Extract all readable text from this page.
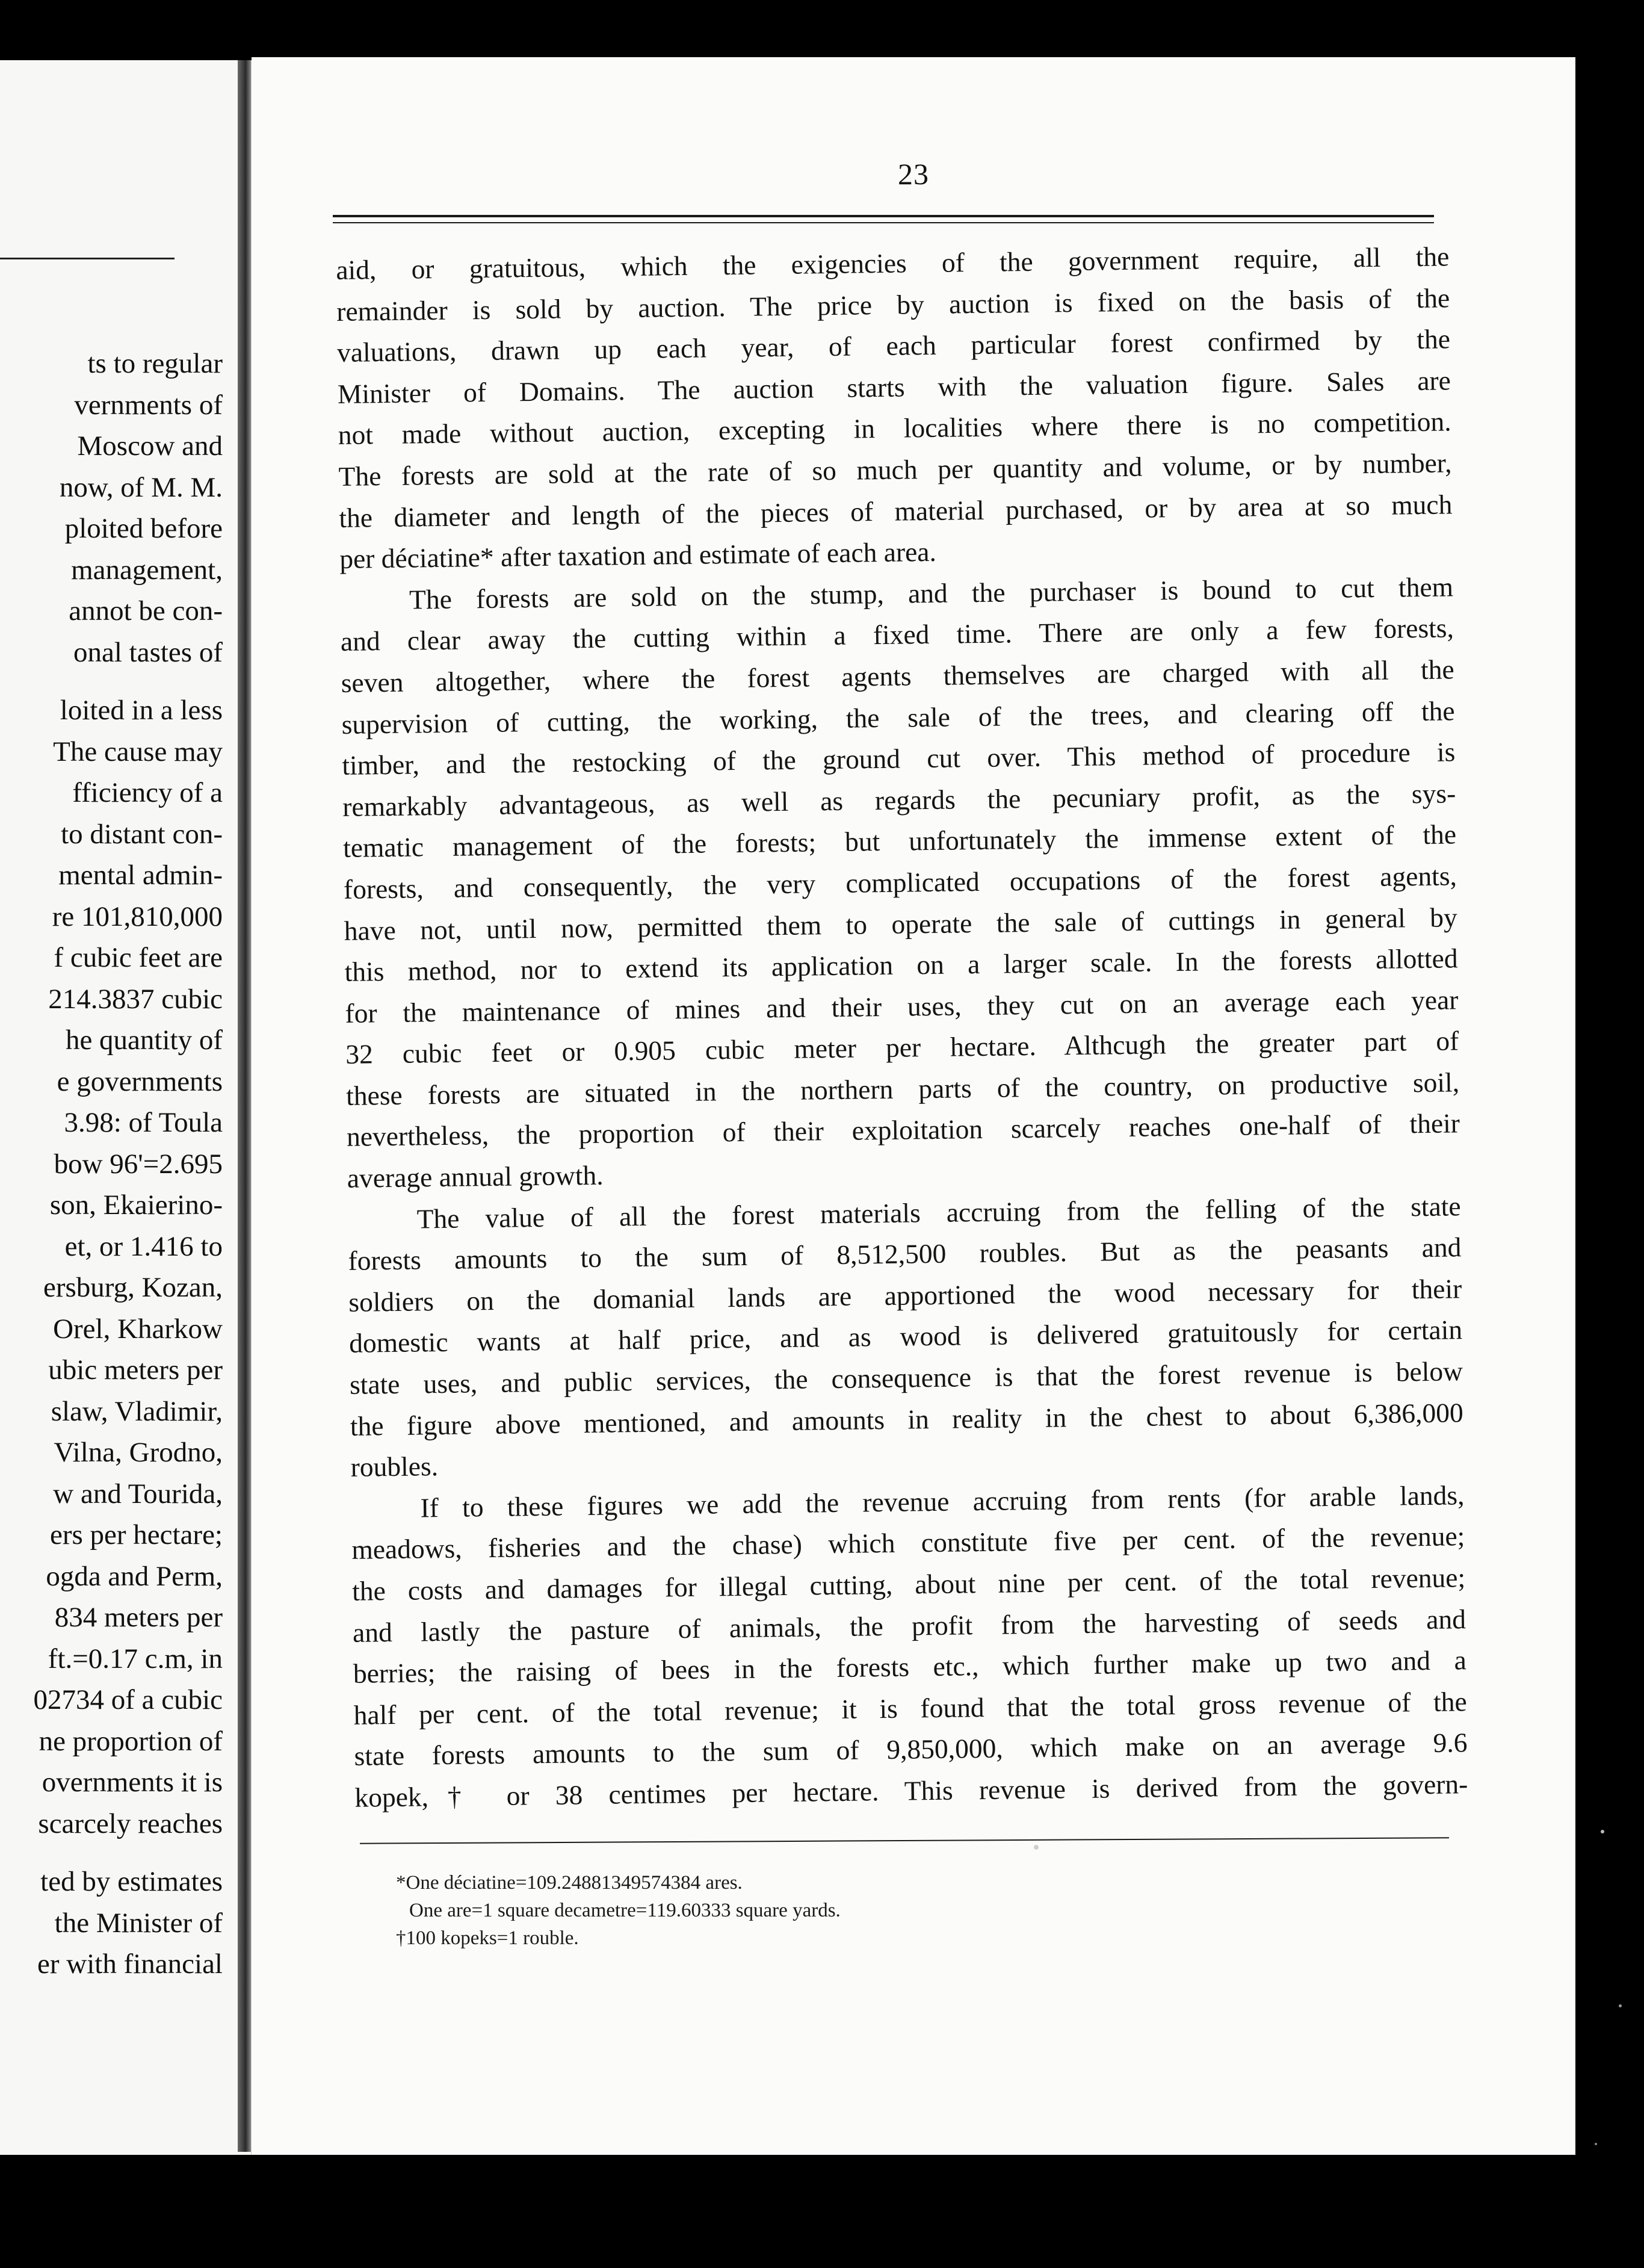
ts to regular
vernments of
Moscow and
now, of M. M.
ploited before
management,
annot be con-
onal tastes of
loited in a less
The cause may
fficiency of a
to distant con-
mental admin-
re 101,810,000
f cubic feet are
214.3837 cubic
he quantity of
e governments
3.98: of Toula
bow 96'=2.695
son, Ekaierino-
et, or 1.416 to
ersburg, Kozan,
Orel, Kharkow
ubic meters per
slaw, Vladimir,
Vilna, Grodno,
w and Tourida,
ers per hectare;
ogda and Perm,
834 meters per
ft.=0.17 c.m, in
02734 of a cubic
ne proportion of
overnments it is
scarcely reaches
ted by estimates
the Minister of
er with financial
23
aid, or gratuitous, which the exigencies of the government require, all the
remainder is sold by auction. The price by auction is fixed on the basis of the
valuations, drawn up each year, of each particular forest confirmed by the
Minister of Domains. The auction starts with the valuation figure. Sales are
not made without auction, excepting in localities where there is no competition.
The forests are sold at the rate of so much per quantity and volume, or by number,
the diameter and length of the pieces of material purchased, or by area at so much
per déciatine* after taxation and estimate of each area.
The forests are sold on the stump, and the purchaser is bound to cut them
and clear away the cutting within a fixed time. There are only a few forests,
seven altogether, where the forest agents themselves are charged with all the
supervision of cutting, the working, the sale of the trees, and clearing off the
timber, and the restocking of the ground cut over. This method of procedure is
remarkably advantageous, as well as regards the pecuniary profit, as the sys-
tematic management of the forests; but unfortunately the immense extent of the
forests, and consequently, the very complicated occupations of the forest agents,
have not, until now, permitted them to operate the sale of cuttings in general by
this method, nor to extend its application on a larger scale. In the forests allotted
for the maintenance of mines and their uses, they cut on an average each year
32 cubic feet or 0.905 cubic meter per hectare. Althcugh the greater part of
these forests are situated in the northern parts of the country, on productive soil,
nevertheless, the proportion of their exploitation scarcely reaches one-half of their
average annual growth.
The value of all the forest materials accruing from the felling of the state
forests amounts to the sum of 8,512,500 roubles. But as the peasants and
soldiers on the domanial lands are apportioned the wood necessary for their
domestic wants at half price, and as wood is delivered gratuitously for certain
state uses, and public services, the consequence is that the forest revenue is below
the figure above mentioned, and amounts in reality in the chest to about 6,386,000
roubles.
If to these figures we add the revenue accruing from rents (for arable lands,
meadows, fisheries and the chase) which constitute five per cent. of the revenue;
the costs and damages for illegal cutting, about nine per cent. of the total revenue;
and lastly the pasture of animals, the profit from the harvesting of seeds and
berries; the raising of bees in the forests etc., which further make up two and a
half per cent. of the total revenue; it is found that the total gross revenue of the
state forests amounts to the sum of 9,850,000, which make on an average 9.6
kopek,† or 38 centimes per hectare. This revenue is derived from the govern-
*One déciatine=109.24881349574384 ares.
One are=1 square decametre=119.60333 square yards.
†100 kopeks=1 rouble.
